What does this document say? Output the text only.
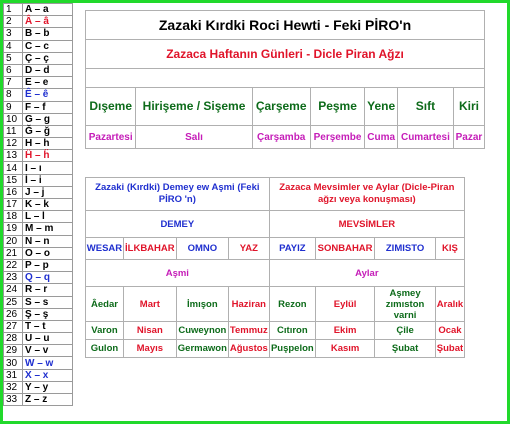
1	A – a
2	Â – â
3	B – b
4	C – c
5	Ç – ç
6	D – d
7	E – e
8	Ê – ê
9	F – f
10	G – g
11	Ğ – ğ
12	H – h
13	Ḧ – ḧ
14	I – ı
15	İ – i
16	J – j
17	K – k
18	L – l
19	M – m
20	N – n
21	O – o
22	P – p
23	Q – q
24	R – r
25	S – s
26	Ş – ş
27	T – t
28	U – u
29	V – v
30	W – w
31	X – x
32	Y – y
33	Z – z
Zazaki Kırdki Roci Hewti - Feki PİRO'n						
Zazaca Haftanın Günleri - Dicle Piran Ağzı						

Dışeme	Hirişeme / Sişeme	Çarşeme	Peşme	Yene	Sıft	Kiri
Pazartesi	Salı	Çarşamba	Perşembe	Cuma	Cumartesi	Pazar
Zazaki (Kırdki) Demey ew Aşmi (Feki PİRO 'n)				Zazaca Mevsimler ve Aylar (Dicle-Piran ağzı veya konuşması)			
DEMEY				MEVSİMLER			
WESAR	İLKBAHAR	OMNO	YAZ	PAYIZ	SONBAHAR	ZIMISTO	KIŞ
Aşmi				Aylar			
Âedar	Mart	İmışon	Haziran	Rezon	Eylül	Aşmey zımıston varni	Aralık
Varon	Nisan	Cuweynon	Temmuz	Cıtıron	Ekim	Çile	Ocak
Gulon	Mayıs	Germawon	Ağustos	Puşpelon	Kasım	Şubat	Şubat
